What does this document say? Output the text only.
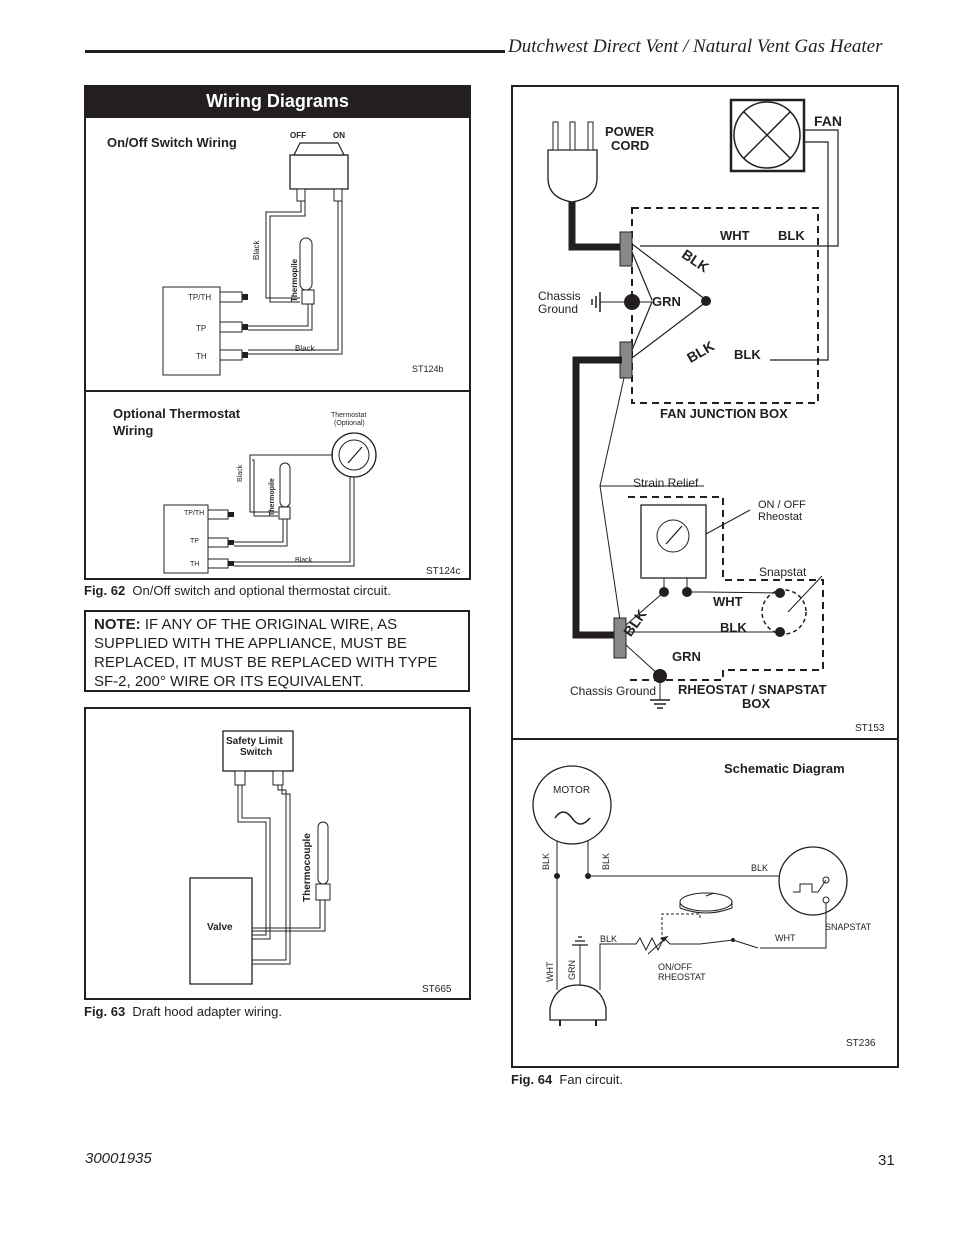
Dutchwest Direct Vent / Natural Vent Gas Heater
Wiring Diagrams
On/Off Switch Wiring	OFF	ON
Black
Thermopile
TP/TH
TP
TH
Black
ST124b
Optional Thermostat
Wiring
Thermostat
(Optional)
Black
Thermopile
TP/TH
TP
TH
Black
ST124c
Fig. 62 On/Off switch and optional thermostat circuit.
NOTE: IF ANY OF THE ORIGINAL WIRE, AS SUPPLIED WITH THE APPLIANCE, MUST BE REPLACED, IT MUST BE REPLACED WITH TYPE SF-2, 200° WIRE OR ITS EQUIVALENT.
Safety Limit
Switch
Thermocouple
Valve
ST665
Fig. 63 Draft hood adapter wiring.
POWER
CORD
FAN
WHT BLK
BLK
Chassis
Ground	GRN
BLK BLK
FAN JUNCTION BOX
Strain Relief
ON / OFF
Rheostat
Snapstat
WHT
BLK
BLK
GRN
Chassis Ground RHEOSTAT / SNAPSTAT
BOX
ST153
Schematic Diagram
MOTOR
BLK	BLK	BLK
BLK
WHT GRN
WHT
SNAPSTAT
ON/OFF
RHEOSTAT
ST236
Fig. 64 Fan circuit.
30001935	31
